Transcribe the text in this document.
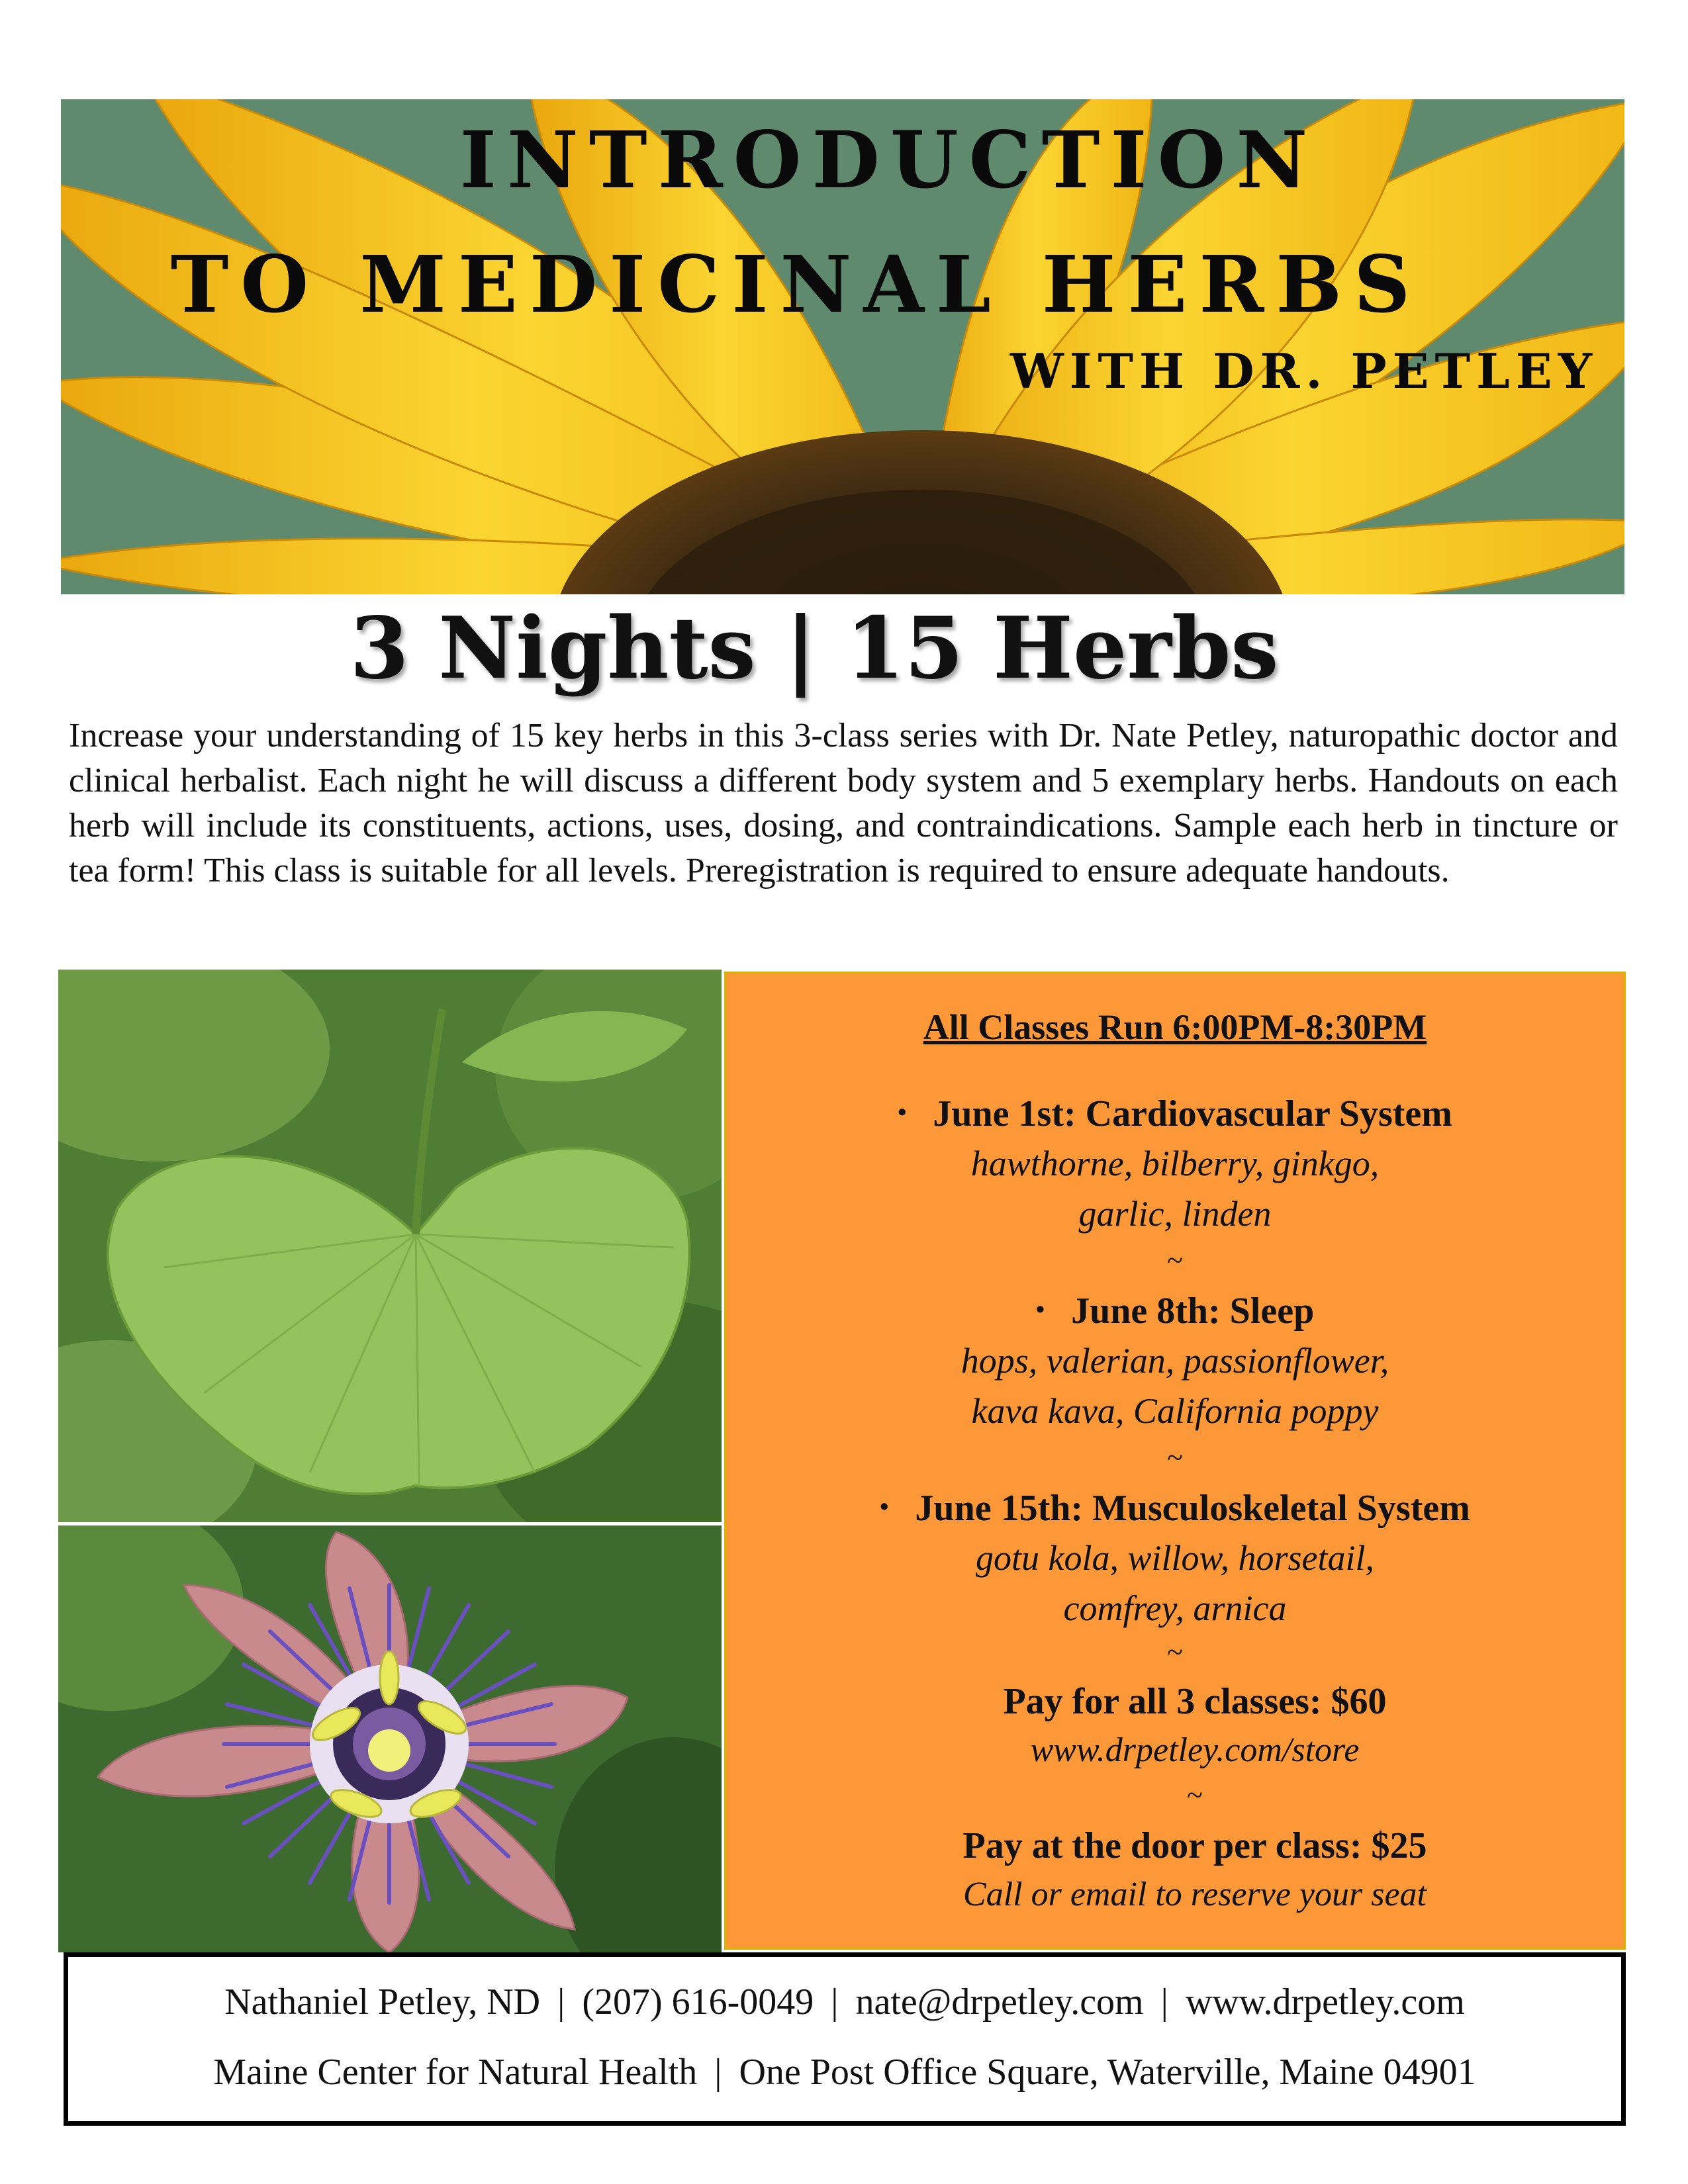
INTRODUCTION
TO MEDICINAL HERBS
WITH DR. PETLEY
3 Nights | 15 Herbs
Increase your understanding of 15 key herbs in this 3-class series with Dr. Nate Petley, naturopathic doctor and clinical herbalist. Each night he will discuss a different body system and 5 exemplary herbs. Handouts on each herb will include its constituents, actions, uses, dosing, and contraindications. Sample each herb in tincture or tea form! This class is suitable for all levels. Preregistration is required to ensure adequate handouts.
All Classes Run 6:00PM-8:30PM
• June 1st: Cardiovascular System
hawthorne, bilberry, ginkgo,
garlic, linden
~
• June 8th: Sleep
hops, valerian, passionflower,
kava kava, California poppy
~
• June 15th: Musculoskeletal System
gotu kola, willow, horsetail,
comfrey, arnica
~
Pay for all 3 classes: $60
www.drpetley.com/store
~
Pay at the door per class: $25
Call or email to reserve your seat
Nathaniel Petley, ND | (207) 616-0049 | nate@drpetley.com | www.drpetley.com
Maine Center for Natural Health | One Post Office Square, Waterville, Maine 04901
